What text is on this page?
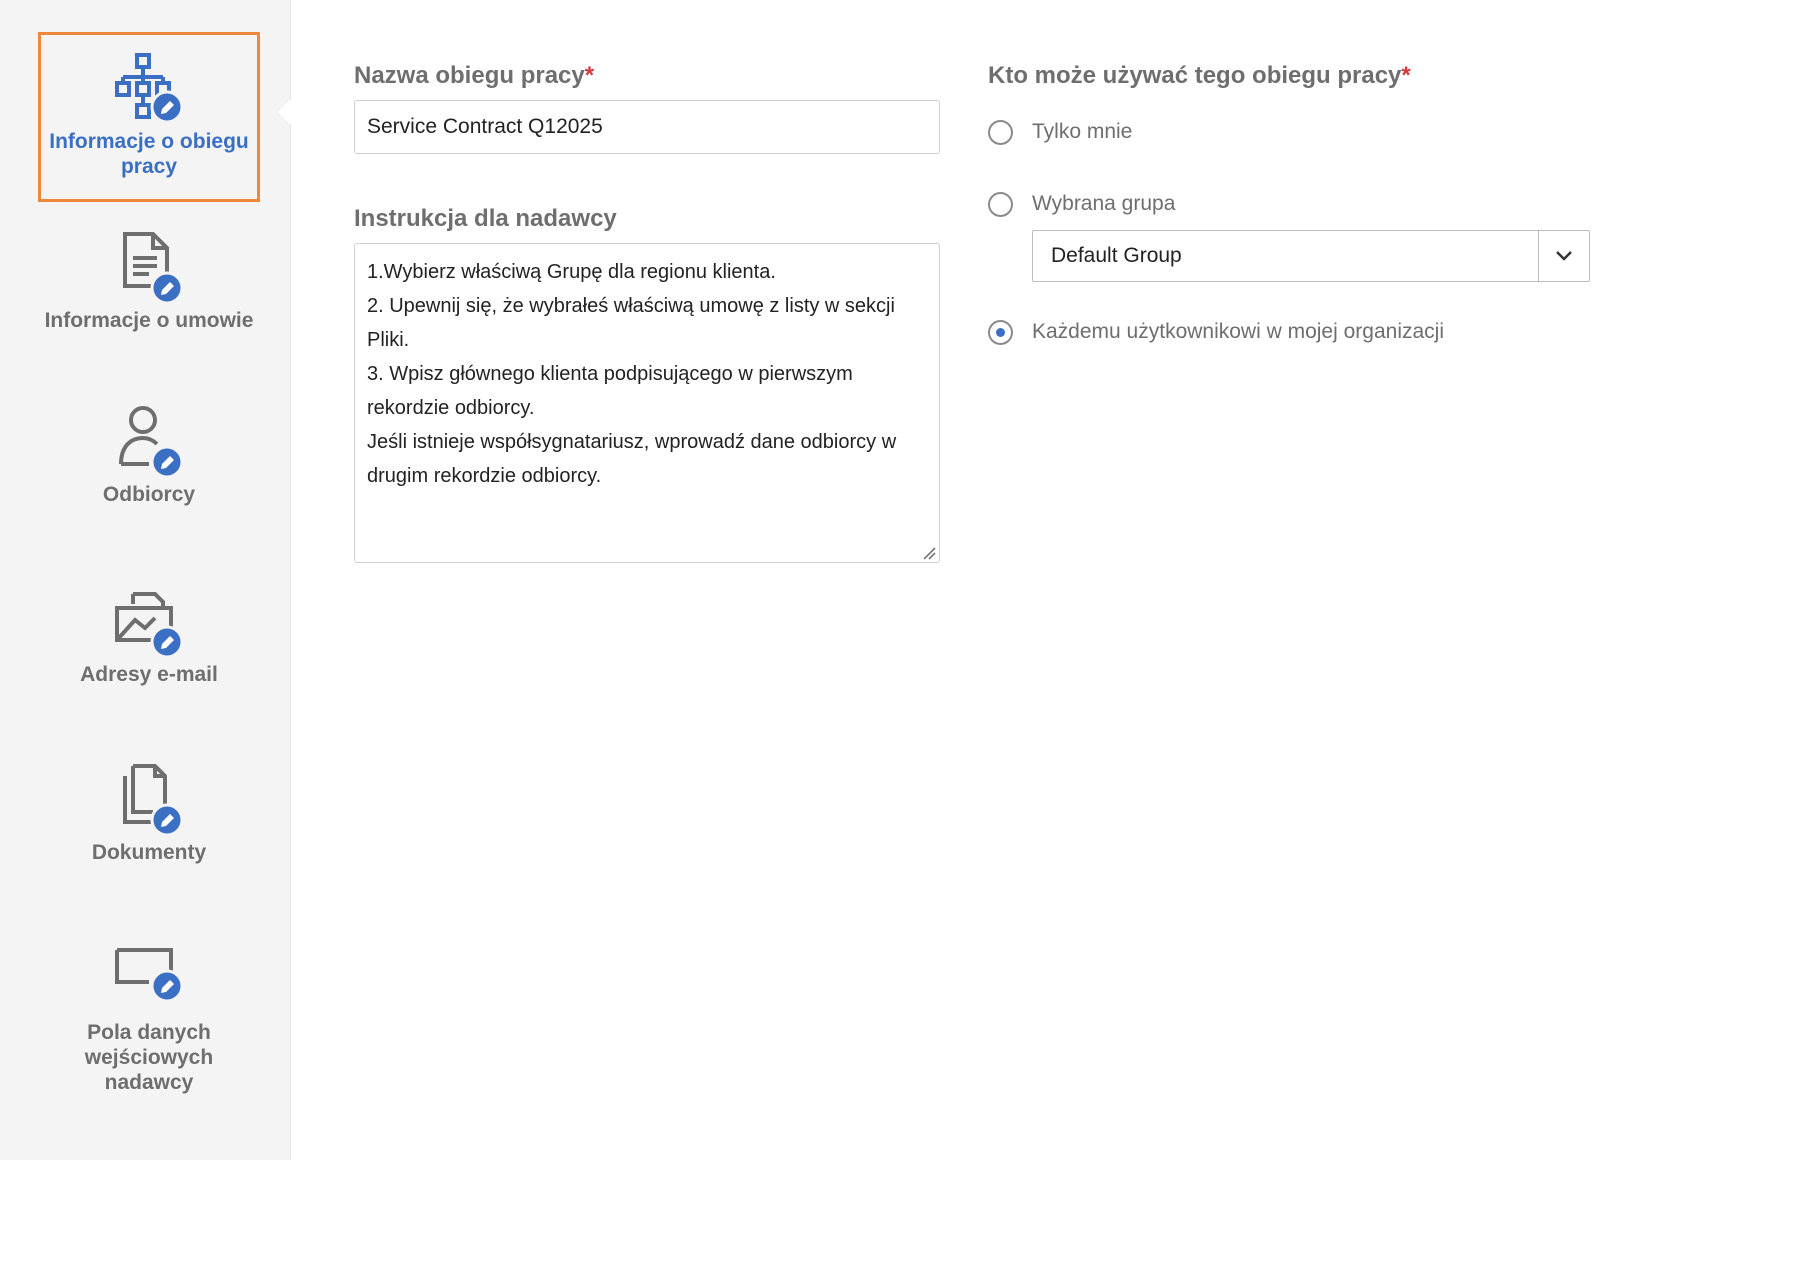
Informacje o obiegu pracy
Informacje o umowie
Odbiorcy
Adresy e-mail
Dokumenty
Pola danych wejściowych nadawcy
Nazwa obiegu pracy*
Service Contract Q12025
Instrukcja dla nadawcy
1.Wybierz właściwą Grupę dla regionu klienta. 2. Upewnij się, że wybrałeś właściwą umowę z listy w sekcji Pliki. 3. Wpisz głównego klienta podpisującego w pierwszym rekordzie odbiorcy. Jeśli istnieje współsygnatariusz, wprowadź dane odbiorcy w drugim rekordzie odbiorcy.
Kto może używać tego obiegu pracy*
Tylko mnie
Wybrana grupa
Default Group
Każdemu użytkownikowi w mojej organizacji
